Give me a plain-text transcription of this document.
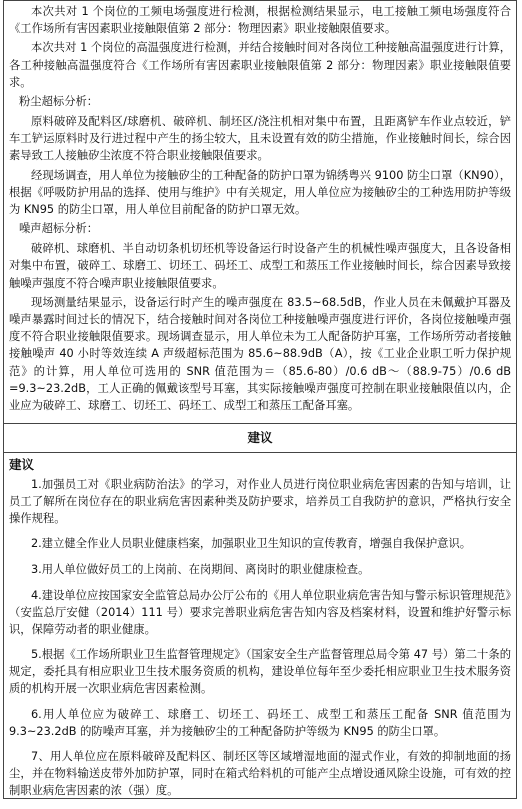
本次共对 1 个岗位的工频电场强度进行检测，根据检测结果显示，电工接触工频电场强度符合《工作场所有害因素职业接触限值第 2 部分：物理因素》职业接触限值要求。

本次共对 1 个岗位的高温强度进行检测，并结合接触时间对各岗位工种接触高温强度进行计算，各工种接触高温强度符合《工作场所有害因素职业接触限值第 2 部分：物理因素》职业接触限值要求。

粉尘超标分析：

原料破碎及配料区/球磨机、破碎机、制坯区/浇注机相对集中布置，且距离铲车作业点较近，铲车工铲运原料时及行进过程中产生的扬尘较大，且未设置有效的防尘措施，作业接触时间长，综合因素导致工人接触矽尘浓度不符合职业接触限值要求。

经现场调查，用人单位为接触矽尘的工种配备的防护口罩为锦绣粤兴 9100 防尘口罩（KN90），根据《呼吸防护用品的选择、使用与维护》中有关规定，用人单位应为接触矽尘的工种选用防护等级为 KN95 的防尘口罩，用人单位目前配备的防护口罩无效。

噪声超标分析：

破碎机、球磨机、半自动切条机切坯机等设备运行时设备产生的机械性噪声强度大，且各设备相对集中布置，破碎工、球磨工、切坯工、码坯工、成型工和蒸压工作业接触时间长，综合因素导致接触噪声强度不符合噪声职业接触限值要求。

现场测量结果显示，设备运行时产生的噪声强度在 83.5~68.5dB，作业人员在未佩戴护耳器及噪声暴露时间过长的情况下，结合接触时间对各岗位工种接触噪声强度进行评价，各岗位接触噪声强度不符合职业接触限值要求。现场调查显示，用人单位未为工人配备防护耳塞，工作场所劳动者接触接触噪声 40 小时等效连续 A 声级超标范围为 85.6~88.9dB（A），按《工业企业职工听力保护规范》的计算，用人单位可选用的 SNR 值范围为＝（85.6-80）/0.6 dB～（88.9-75）/0.6 dB =9.3~23.2dB，工人正确的佩戴该型号耳塞，其实际接触噪声强度可控制在职业接触限值以内，企业应为破碎工、球磨工、切坯工、码坯工、成型工和蒸压工配备耳塞。

建议
建议

1.加强员工对《职业病防治法》的学习，对作业人员进行岗位职业病危害因素的告知与培训，让员工了解所在岗位存在的职业病危害因素种类及防护要求，培养员工自我防护的意识，严格执行安全操作规程。

2.建立健全作业人员职业健康档案，加强职业卫生知识的宣传教育，增强自我保护意识。

3.用人单位做好员工的上岗前、在岗期间、离岗时的职业健康检查。

4.建设单位应按国家安全监管总局办公厅公布的《用人单位职业病危害告知与警示标识管理规范》（安监总厅安健（2014）111 号）要求完善职业病危害告知内容及档案材料，设置和维护好警示标识，保障劳动者的职业健康。

5.根据《工作场所职业卫生监督管理规定》（国家安全生产监督管理总局令第 47 号）第二十条的规定，委托具有相应职业卫生技术服务资质的机构，建设单位每年至少委托相应职业卫生技术服务资质的机构开展一次职业病危害因素检测。

6.用人单位应为破碎工、球磨工、切坯工、码坯工、成型工和蒸压工配备 SNR 值范围为 9.3~23.2dB 的防噪声耳塞，并为接触矽尘的工种配备防护等级为 KN95 的防尘口罩。

7、用人单位应在原料破碎及配料区、制坯区等区域增湿地面的湿式作业，有效的抑制地面的扬尘，并在物料输送皮带外加防护罩，同时在箱式给料机的可能产尘点增设通风除尘设施，可有效的控制职业病危害因素的浓（强）度。
